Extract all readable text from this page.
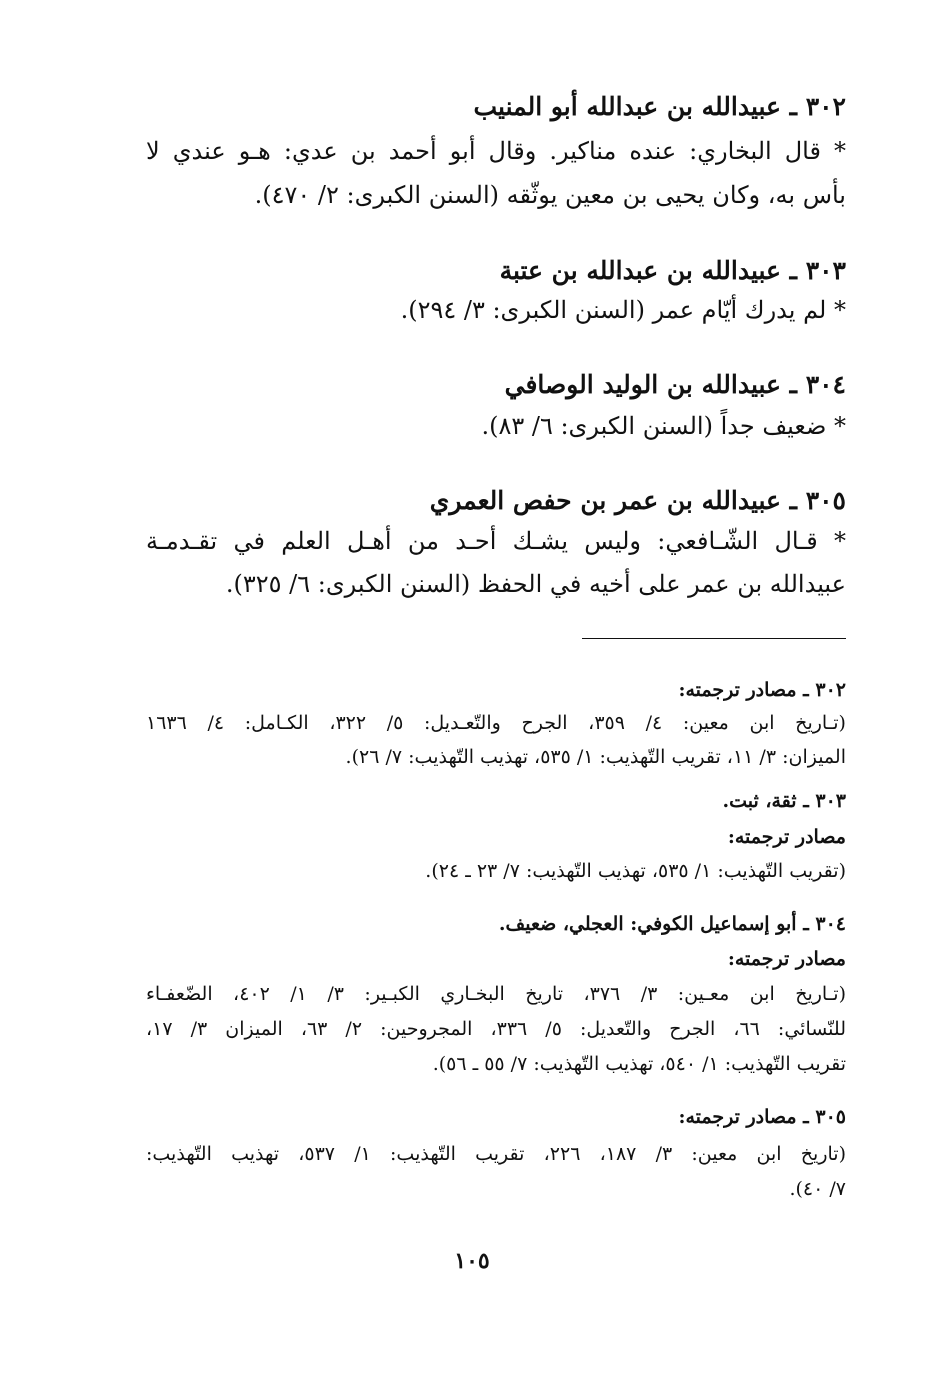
٣٠٢ ـ عبيدالله بن عبدالله أبو المنيب
* قال البخاري: عنده مناكير. وقال أبو أحمد بن عدي: هـو عندي لا
بأس به، وكان يحيى بن معين يوثّقه (السنن الكبرى: ٢/ ٤٧٠).
٣٠٣ ـ عبيدالله بن عبدالله بن عتبة
* لم يدرك أيّام عمر (السنن الكبرى: ٣/ ٢٩٤).
٣٠٤ ـ عبيدالله بن الوليد الوصافي
* ضعيف جداً (السنن الكبرى: ٦/ ٨٣).
٣٠٥ ـ عبيدالله بن عمر بن حفص العمري
* قـال الشّـافعي: وليس يشـك أحـد من أهـل العلم في تقـدمـة
عبيدالله بن عمر على أخيه في الحفظ (السنن الكبرى: ٦/ ٣٢٥).
٣٠٢ ـ مصادر ترجمته:
(تـاريخ ابن معين: ٤/ ٣٥٩، الجرح والتّعـديل: ٥/ ٣٢٢، الكـامل: ٤/ ١٦٣٦
الميزان: ٣/ ١١، تقريب التّهذيب: ١/ ٥٣٥، تهذيب التّهذيب: ٧/ ٢٦).
٣٠٣ ـ ثقة، ثبت.
مصادر ترجمته:
(تقريب التّهذيب: ١/ ٥٣٥، تهذيب التّهذيب: ٧/ ٢٣ ـ ٢٤).
٣٠٤ ـ أبو إسماعيل الكوفي: العجلي، ضعيف.
مصادر ترجمته:
(تـاريخ ابن معـين: ٣/ ٣٧٦، تاريخ البخـاري الكبـير: ٣/ ١/ ٤٠٢، الضّعفـاء
للنّسائي: ٦٦، الجرح والتّعديل: ٥/ ٣٣٦، المجروحين: ٢/ ٦٣، الميزان ٣/ ١٧،
تقريب التّهذيب: ١/ ٥٤٠، تهذيب التّهذيب: ٧/ ٥٥ ـ ٥٦).
٣٠٥ ـ مصادر ترجمته:
(تاريخ ابن معين: ٣/ ١٨٧، ٢٢٦، تقريب التّهذيب: ١/ ٥٣٧، تهذيب التّهذيب:
٧/ ٤٠).
١٠٥
